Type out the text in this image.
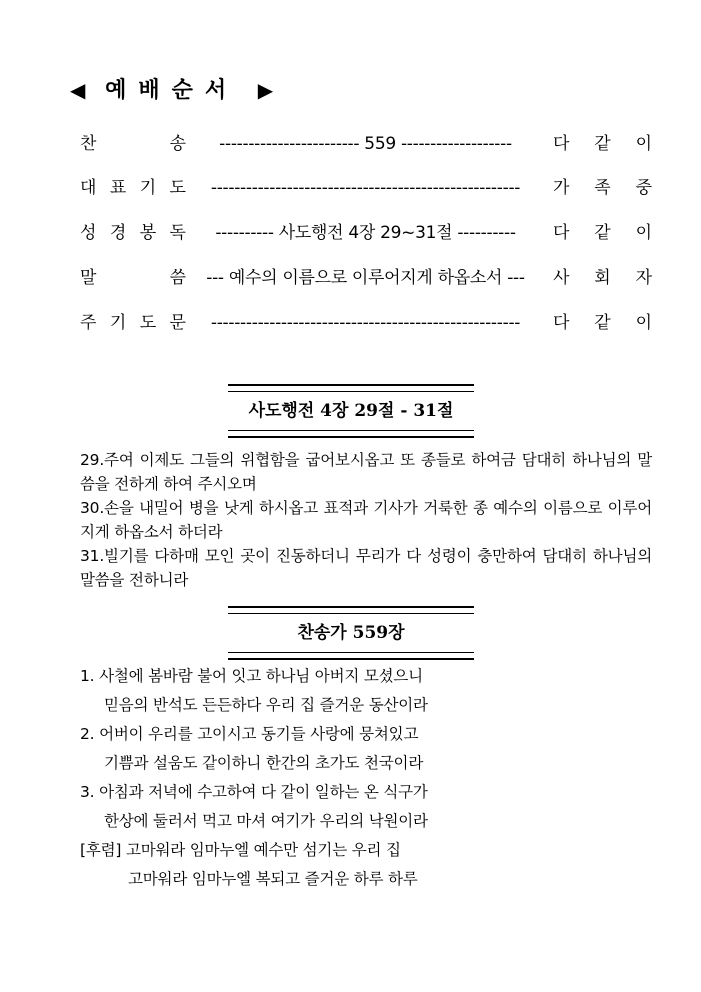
◀ 예배순서 ▶
찬	송	------------------------ 559 -------------------	다 같 이
대 표 기 도	-----------------------------------------------------	가 족 중
성 경 봉 독	---------- 사도행전 4장 29~31절 ----------	다 같 이
말	씀	--- 예수의 이름으로 이루어지게 하옵소서 ---	사 회 자
주 기 도 문	-----------------------------------------------------	다 같 이
사도행전 4장 29절 - 31절

29.주여 이제도 그들의 위협함을 굽어보시옵고 또 종들로 하여금 담대히 하나님의 말씀을 전하게 하여 주시오며

30.손을 내밀어 병을 낫게 하시옵고 표적과 기사가 거룩한 종 예수의 이름으로 이루어지게 하옵소서 하더라

31.빌기를 다하매 모인 곳이 진동하더니 무리가 다 성령이 충만하여 담대히 하나님의 말씀을 전하니라

찬송가 559장
1. 사철에 봄바람 불어 잇고 하나님 아버지 모셨으니
믿음의 반석도 든든하다 우리 집 즐거운 동산이라
2. 어버이 우리를 고이시고 동기들 사랑에 뭉쳐있고
기쁨과 설움도 같이하니 한간의 초가도 천국이라
3. 아침과 저녁에 수고하여 다 같이 일하는 온 식구가
한상에 둘러서 먹고 마셔 여기가 우리의 낙원이라
[후렴] 고마워라 임마누엘 예수만 섬기는 우리 집
고마워라 임마누엘 복되고 즐거운 하루 하루
